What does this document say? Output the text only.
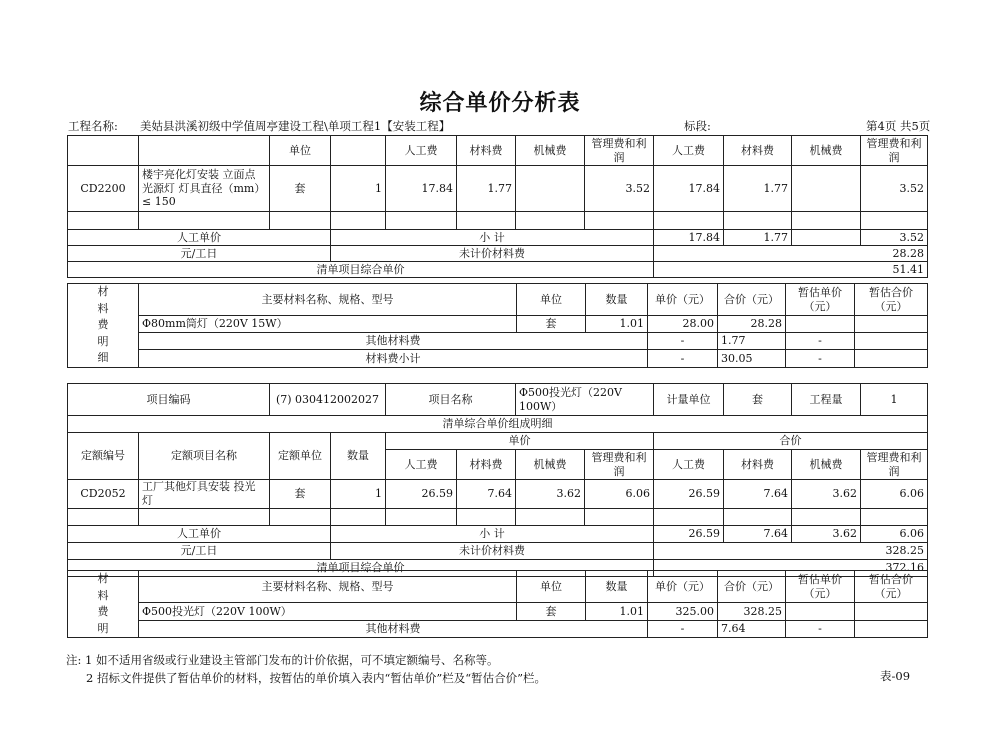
综合单价分析表
工程名称: 美姑县洪溪初级中学值周亭建设工程\单项工程1【安装工程】	标段:	第4页 共5页
		单位		人工费	材料费	机械费	管理费和利润	人工费	材料费	机械费	管理费和利润
CD2200	楼宇亮化灯安装 立面点光源灯 灯具直径（mm） ≤ 150	套	1	17.84	1.77		3.52	17.84	1.77		3.52

人工单价			小 计					17.84	1.77		3.52
元/工日			未计价材料费					28.28			
清单项目综合单价								51.41			
材
料
费
明
细	主要材料名称、规格、型号	单位	数量	单价（元）	合价（元）	暂估单价（元）	暂估合价（元）
	Φ80mm筒灯（220V 15W）	套	1.01	28.00	28.28		
	其他材料费			-	1.77	-	
	材料费小计			-	30.05	-	
项目编码		(7) 030412002027		项目名称		Φ500投光灯（220V 100W）		计量单位	套	工程量	1
清单综合单价组成明细											
定额编号	定额项目名称	定额单位	数量	单价				合价			
				人工费	材料费	机械费	管理费和利润	人工费	材料费	机械费	管理费和利润
CD2052	工厂其他灯具安装 投光灯	套	1	26.59	7.64	3.62	6.06	26.59	7.64	3.62	6.06

人工单价			小 计					26.59	7.64	3.62	6.06
元/工日			未计价材料费					328.25			
清单项目综合单价								372.16			
材
料
费
明	主要材料名称、规格、型号	单位	数量	单价（元）	合价（元）	暂估单价（元）	暂估合价（元）
	Φ500投光灯（220V 100W）	套	1.01	325.00	328.25		
	其他材料费			-	7.64	-	
注: 1 如不适用省级或行业建设主管部门发布的计价依据，可不填定额编号、名称等。
2 招标文件提供了暂估单价的材料，按暂估的单价填入表内“暂估单价”栏及“暂估合价”栏。	表-09
